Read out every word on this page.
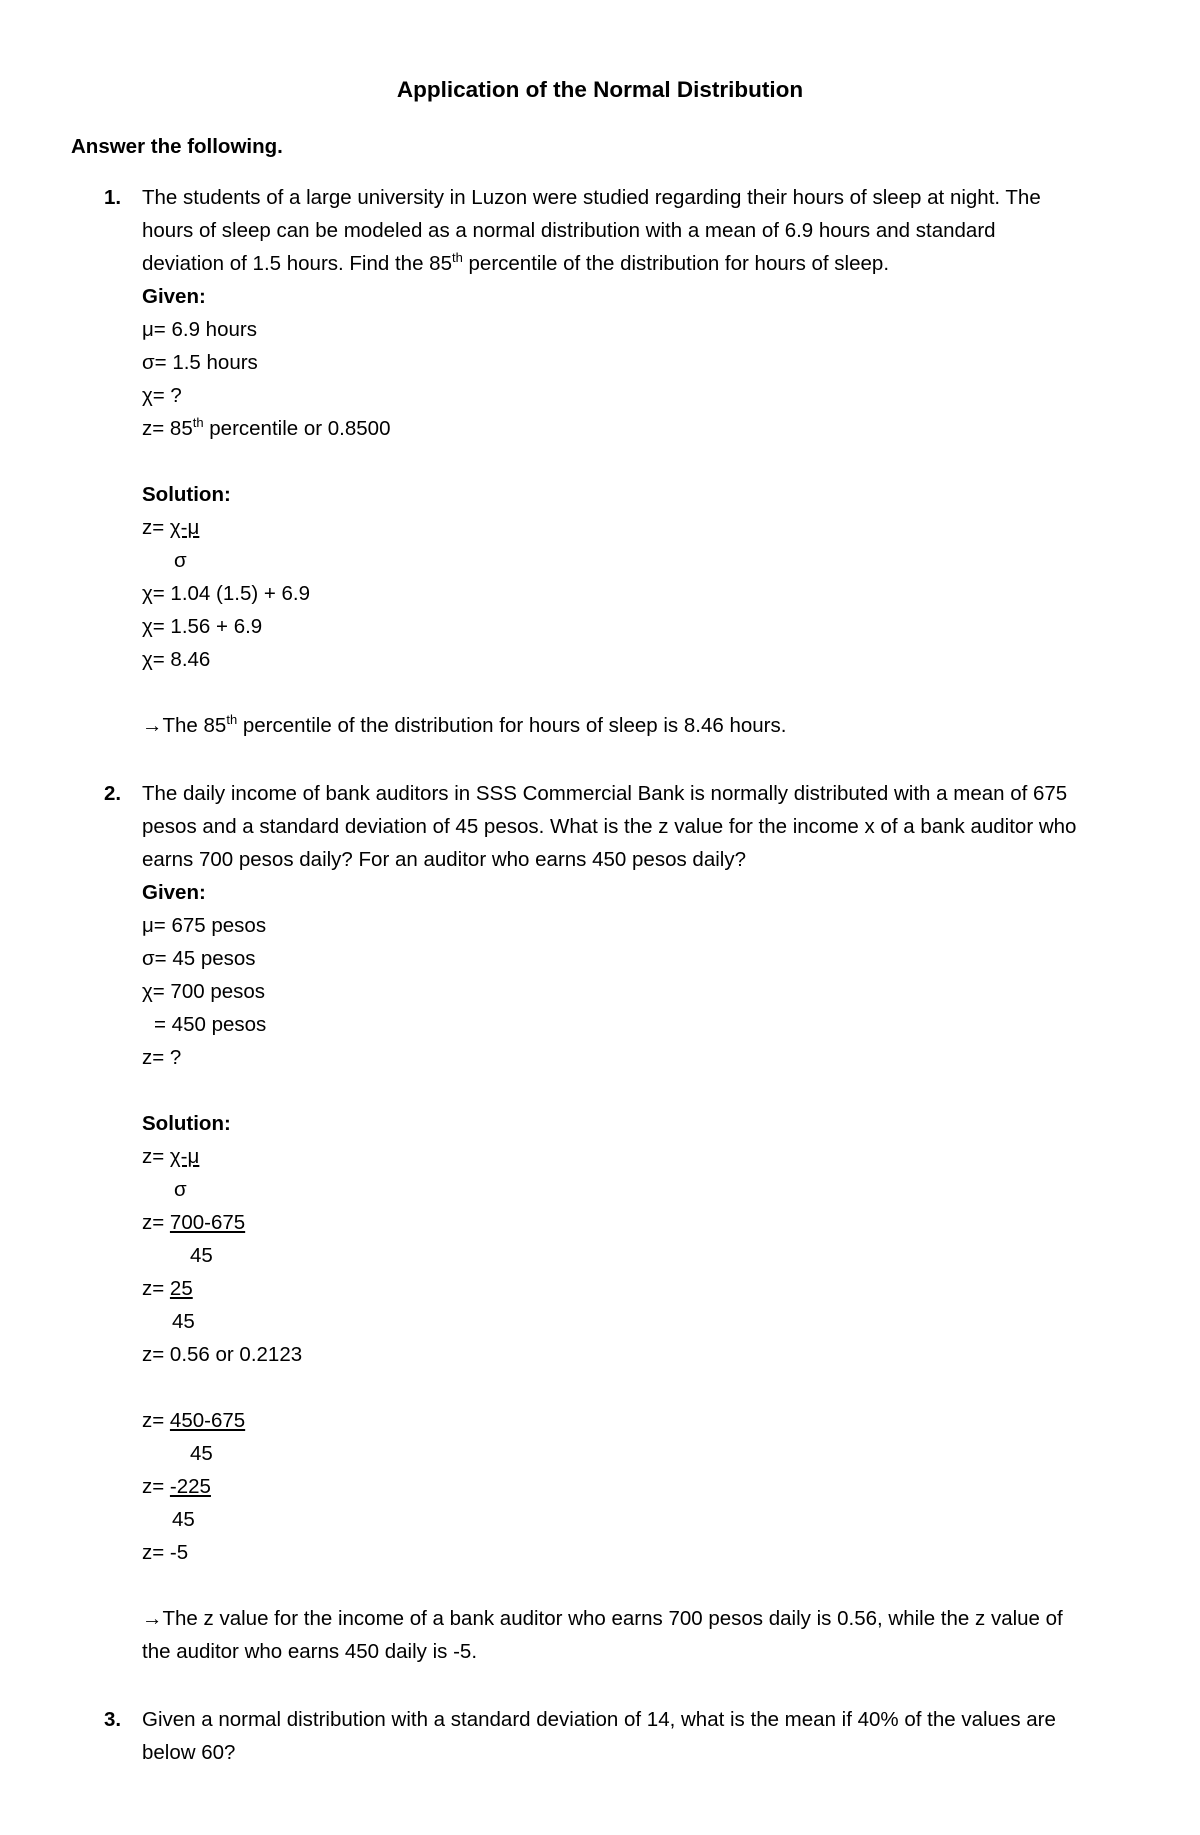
Application of the Normal Distribution
Answer the following.
1. The students of a large university in Luzon were studied regarding their hours of sleep at night. The
hours of sleep can be modeled as a normal distribution with a mean of 6.9 hours and standard
deviation of 1.5 hours. Find the 85th percentile of the distribution for hours of sleep.
Given:
μ= 6.9 hours
σ= 1.5 hours
χ= ?
z= 85th percentile or 0.8500
Solution:
z= χ-μ
σ
χ= 1.04 (1.5) + 6.9
χ= 1.56 + 6.9
χ= 8.46
→The 85th percentile of the distribution for hours of sleep is 8.46 hours.
2. The daily income of bank auditors in SSS Commercial Bank is normally distributed with a mean of 675
pesos and a standard deviation of 45 pesos. What is the z value for the income x of a bank auditor who
earns 700 pesos daily? For an auditor who earns 450 pesos daily?
Given:
μ= 675 pesos
σ= 45 pesos
χ= 700 pesos
= 450 pesos
z= ?
Solution:
z= χ-μ
σ
z= 700-675
45
z= 25
45
z= 0.56 or 0.2123
z= 450-675
45
z= -225
45
z= -5
→The z value for the income of a bank auditor who earns 700 pesos daily is 0.56, while the z value of
the auditor who earns 450 daily is -5.
3. Given a normal distribution with a standard deviation of 14, what is the mean if 40% of the values are
below 60?
